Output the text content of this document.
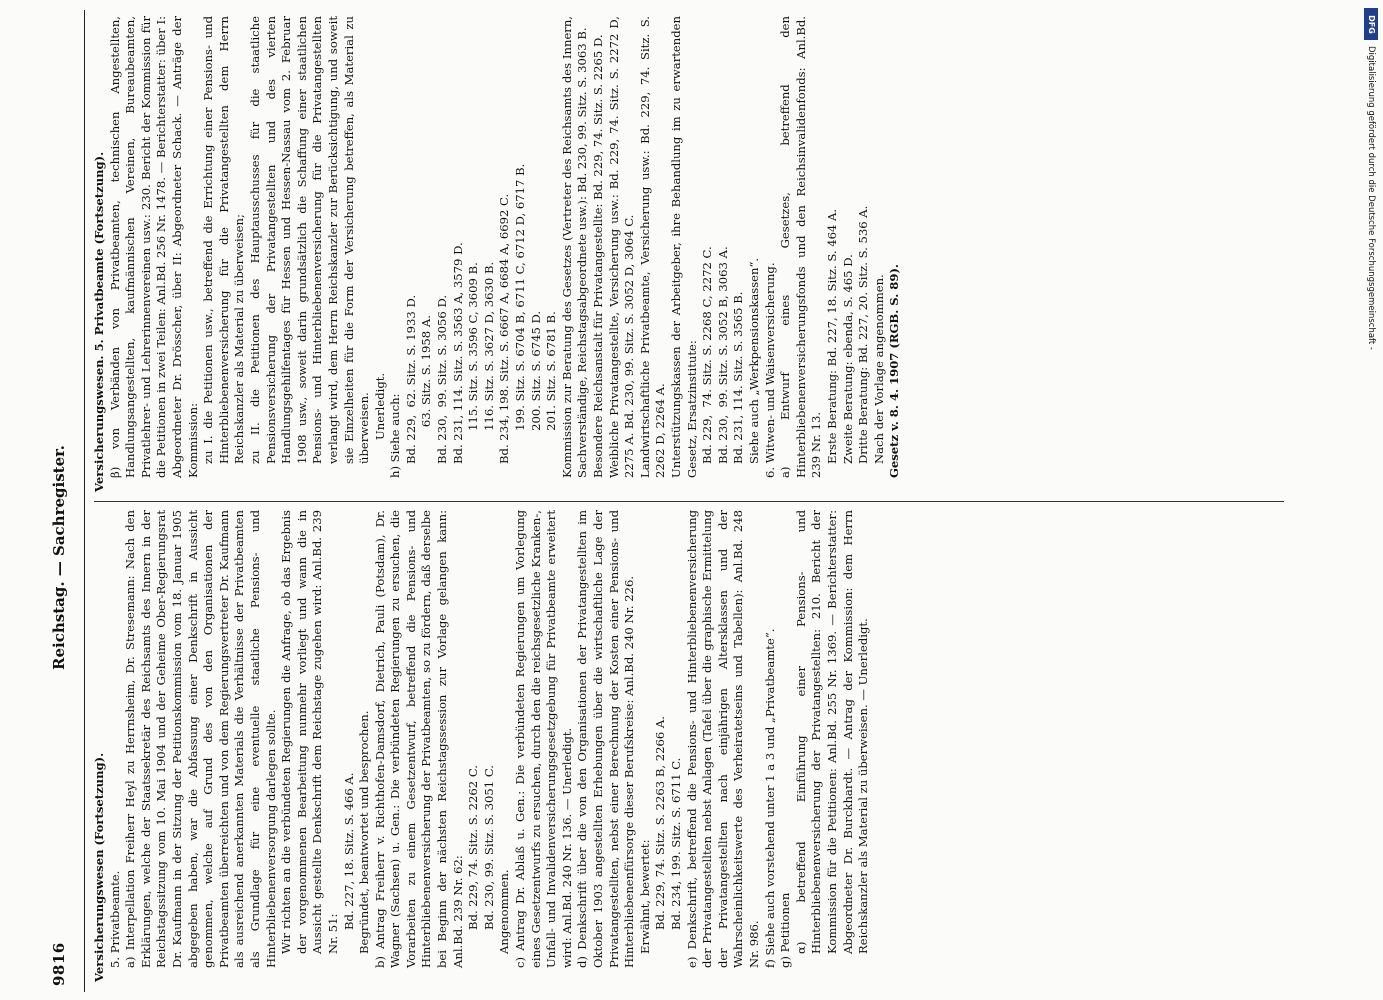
9816
Reichstag. — Sachregister.
Versicherungswesen (Fortsetzung). 5. Privatbeamte. a) Interpellation Freiherr Heyl zu Herrnsheim, Dr. Stresemann: Nach den Erklärungen, welche der Staatssekretär des Reichsamts des Innern in der Reichstagssitzung vom 10. Mai 1904 und der Geheime Ober-Regierungsrat Dr. Kaufmann in der Sitzung der Petitionskommission vom 18. Januar 1905 abgegeben haben, war die Abfassung einer Denkschrift in Aussicht genommen, welche auf Grund des von den Organisationen der Privatbeamten überreichten und von dem Regierungsvertreter Dr. Kaufmann als ausreichend anerkannten Materials die Verhältnisse der Privatbeamten als Grundlage für eine eventuelle staatliche Pensions- und Hinterbliebenenversorgung darlegen sollte. Wir richten an die verbündeten Regierungen die Anfrage, ob das Ergebnis der vorgenommenen Bearbeitung nunmehr vorliegt und wann die in Aussicht gestellte Denkschrift dem Reichstage zugehen wird: Anl.Bd. 239 Nr. 51:
Bd. 227, 18. Sitz. S. 466 A. Begründet, beantwortet und besprochen. b) Antrag Freiherr v. Richthofen-Damsdorf, Dietrich, Pauli (Potsdam), Dr. Wagner (Sachsen) u. Gen.: Die verbündeten Regierungen zu ersuchen, die Vorarbeiten zu einem Gesetzentwurf, betreffend die Pensions- und Hinterbliebenenversicherung der Privatbeamten, so zu fördern, daß derselbe bei Beginn der nächsten Reichstagssession zur Vorlage gelangen kann: Anl.Bd. 239 Nr. 62: Bd. 229, 74. Sitz. S. 2262 C. Bd. 230, 99. Sitz. S. 3051 C. Angenommen. c) Antrag Dr. Ablaß u. Gen.: Die verbündeten Regierungen um Vorlegung eines Gesetzentwurfs zu ersuchen, durch den die reichsgesetzliche Kranken-, Unfall- und Invalidenversicherungsgesetzgebung für Privatbeamte erweitert wird: Anl.Bd. 240 Nr. 136. — Unerledigt. d) Denkschrift über die von den Organisationen der Privatangestellten im Oktober 1903 angestellten Erhebungen über die wirtschaftliche Lage der Privatangestellten, nebst einer Berechnung der Kosten einer Pensions- und Hinterbliebenenfürsorge dieser Berufskreise: Anl.Bd. 240 Nr. 226. Erwähnt, bewertet: Bd. 229, 74. Sitz. S. 2263 B, 2266 A. Bd. 234, 199. Sitz. S. 6711 C. e) Denkschrift, betreffend die Pensions- und Hinterbliebenenversicherung der Privatangestellten nebst Anlagen (Tafel über die graphische Ermittelung der Privatangestellten nach einjährigen Altersklassen und der Wahrscheinlichkeitswerte des Verheiratetseins und Tabellen): Anl.Bd. 248 Nr. 986. f) Siehe auch vorstehend unter 1 a 3 und „Privatbeamte“. g) Petitionen α) betreffend Einführung einer Pensions- und Hinterbliebenenversicherung der Privatangestellten: 210. Bericht der Kommission für die Petitionen: Anl.Bd. 255 Nr. 1369. — Berichterstatter: Abgeordneter Dr. Burckhardt. — Antrag der Kommission: dem Herrn Reichskanzler als Material zu überweisen. — Unerledigt.
Versicherungswesen. 5. Privatbeamte (Fortsetzung). β) von Verbänden von Privatbeamten, technischen Angestellten, Handlungsangestellten, kaufmännischen Vereinen, Bureaubeamten, Privatlehrer- und Lehrerinnenvereinen usw.: 230. Bericht der Kommission für die Petitionen in zwei Teilen: Anl.Bd. 256 Nr. 1478. — Berichterstatter: über I: Abgeordneter Dr. Drösscher, über II: Abgeordneter Schack. — Anträge der Kommission: zu I. die Petitionen usw., betreffend die Errichtung einer Pensions- und Hinterbliebenenversicherung für die Privatangestellten dem Herrn Reichskanzler als Material zu überweisen; zu II. die Petitionen des Hauptausschusses für die staatliche Pensionsversicherung der Privatangestellten und des vierten Handlungsgehilfentages für Hessen und Hessen-Nassau vom 2. Februar 1908 usw., soweit darin grundsätzlich die Schaffung einer staatlichen Pensions- und Hinterbliebenenversicherung für die Privatangestellten verlangt wird, dem Herrn Reichskanzler zur Berücksichtigung, und soweit sie Einzelheiten für die Form der Versicherung betreffen, als Material zu überweisen. Unerledigt. h) Siehe auch: Bd. 229,  62. Sitz. S. 1933 D. 63. Sitz. S. 1958 A. Bd. 230,  99. Sitz. S. 3056 D. Bd. 231, 114. Sitz. S. 3563 A, 3579 D. 115. Sitz. S. 3596 C, 3609 B. 116. Sitz. S. 3627 D, 3630 B. Bd. 234, 198. Sitz. S. 6667 A, 6684 A, 6692 C. 199. Sitz. S. 6704 B, 6711 C, 6712 D, 6717 B. 200. Sitz. S. 6745 D. 201. Sitz. S. 6781 B. Kommission zur Beratung des Gesetzes (Vertreter des Reichsamts des Innern, Sachverständige, Reichstagsabgeordnete usw.): Bd. 230, 99. Sitz. S. 3063 B. Besondere Reichsanstalt für Privatangestellte: Bd. 229, 74. Sitz. S. 2265 D. Weibliche Privatangestellte, Versicherung usw.: Bd. 229, 74. Sitz. S. 2272 D, 2275 A. Bd. 230, 99. Sitz. S. 3052 D, 3064 C. Landwirtschaftliche Privatbeamte, Versicherung usw.: Bd. 229, 74. Sitz. S. 2262 D, 2264 A. Unterstützungskassen der Arbeitgeber, ihre Behandlung im zu erwartenden Gesetz, Ersatzinstitute: Bd. 229,  74. Sitz. S. 2268 C, 2272 C. Bd. 230,  99. Sitz. S. 3052 B, 3063 A. Bd. 231, 114. Sitz. S. 3565 B. Siehe auch „Werkpensionskassen“. 6. Witwen- und Waisenversicherung. a) Entwurf eines Gesetzes, betreffend den Hinterbliebenenversicherungsfonds und den Reichsinvalidenfonds: Anl.Bd. 239 Nr. 13. Erste Beratung: Bd. 227, 18. Sitz. S. 464 A. Zweite Beratung: ebenda, S. 465 D. Dritte Beratung: Bd. 227, 20. Sitz. S. 536 A. Nach der Vorlage angenommen. Gesetz v. 8. 4. 1907 (RGB. S. 89).
Digitalisierung gefördert durch die Deutsche Forschungsgemeinschaft -
DFG
